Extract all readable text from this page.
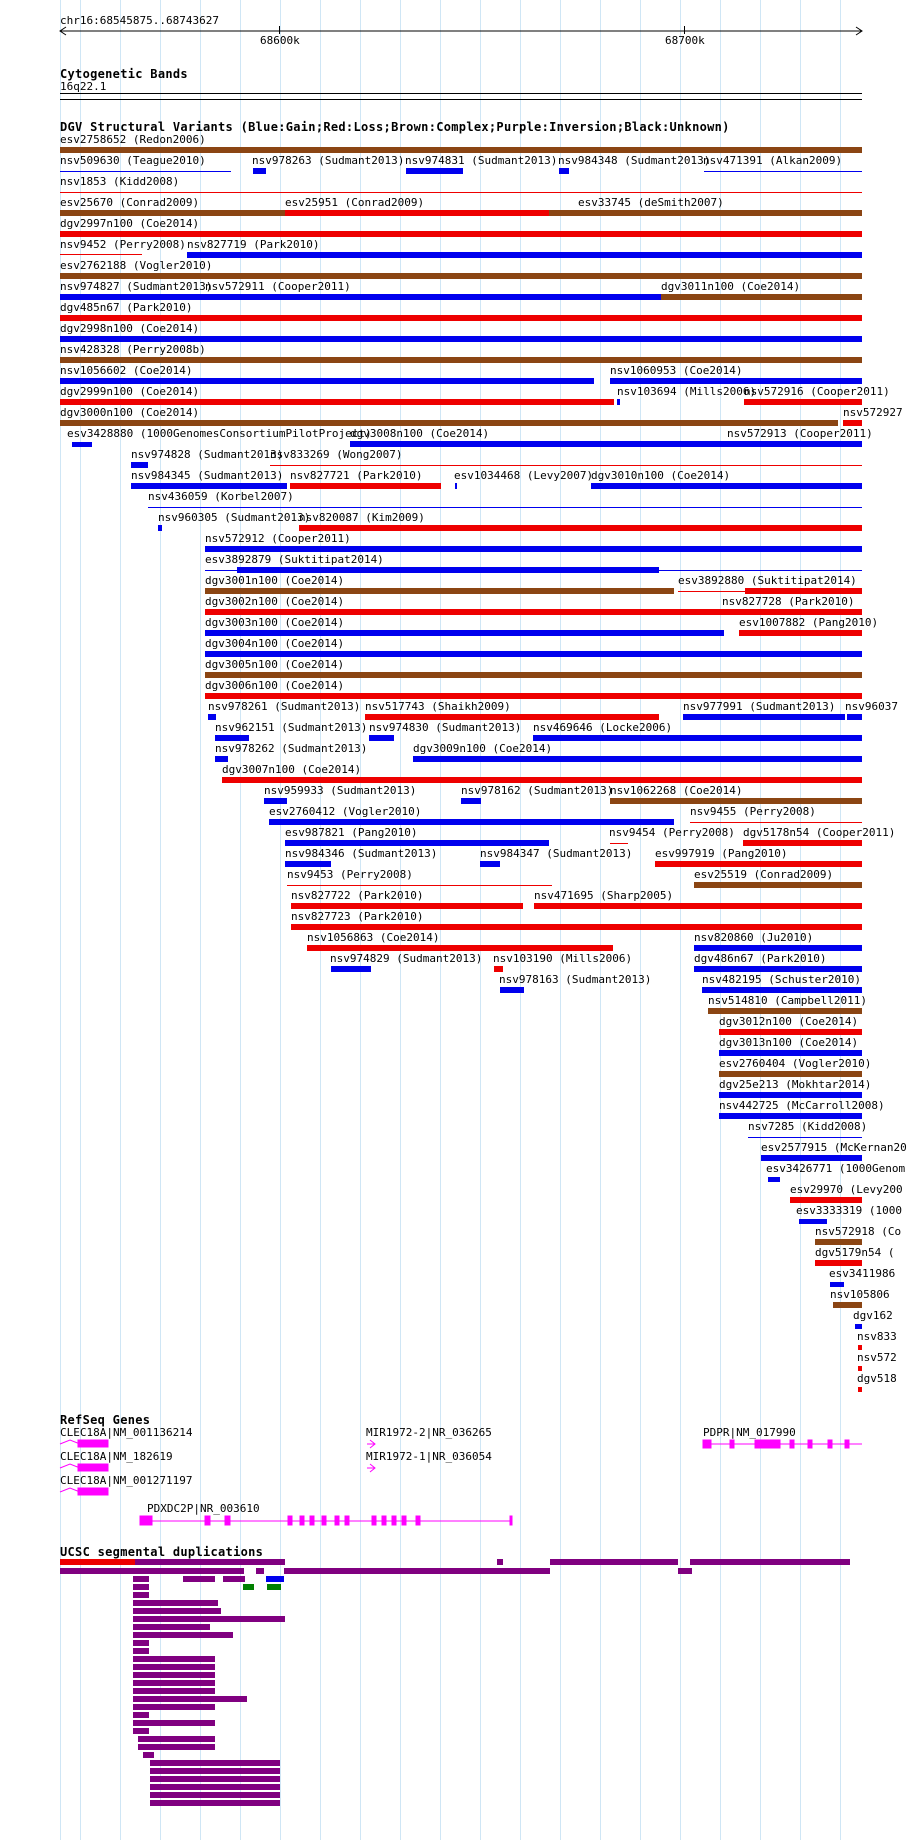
chr16:68545875..68743627
68600k	68700k
Cytogenetic Bands
16q22.1
DGV Structural Variants (Blue:Gain;Red:Loss;Brown:Complex;Purple:Inversion;Black:Unknown)
esv2758652 (Redon2006)
nsv509630 (Teague2010)	nsv978263 (Sudmant2013) nsv974831 (Sudmant2013) nsv984348 (Sudmant2013)
nsv471391 (Alkan2009)
nsv1853 (Kidd2008)
esv25670 (Conrad2009)	esv25951 (Conrad2009)	esv33745 (deSmith2007)
dgv2997n100 (Coe2014)
nsv9452 (Perry2008) nsv827719 (Park2010)
esv2762188 (Vogler2010)
nsv974827 (Sudmant2013)
nsv572911 (Cooper2011)	dgv3011n100 (Coe2014)
dgv485n67 (Park2010)
dgv2998n100 (Coe2014)
nsv428328 (Perry2008b)
nsv1056602 (Coe2014)	nsv1060953 (Coe2014)
dgv2999n100 (Coe2014)	nsv103694 (Mills2006)
nsv572916 (Cooper2011)
dgv3000n100 (Coe2014)	nsv572927
esv3428880 (1000GenomesConsortiumPilotProject)
dgv3008n100 (Coe2014)	nsv572913 (Cooper2011)
nsv974828 (Sudmant2013)
nsv833269 (Wong2007)
nsv984345 (Sudmant2013) nsv827721 (Park2010)	esv1034468 (Levy2007)
dgv3010n100 (Coe2014)
nsv436059 (Korbel2007)
nsv960305 (Sudmant2013)
nsv820087 (Kim2009)
nsv572912 (Cooper2011)
esv3892879 (Suktitipat2014)
dgv3001n100 (Coe2014)	esv3892880 (Suktitipat2014)
dgv3002n100 (Coe2014)	nsv827728 (Park2010)
dgv3003n100 (Coe2014)	esv1007882 (Pang2010)
dgv3004n100 (Coe2014)
dgv3005n100 (Coe2014)
dgv3006n100 (Coe2014)
nsv978261 (Sudmant2013) nsv517743 (Shaikh2009)	nsv977991 (Sudmant2013) nsv96037
nsv962151 (Sudmant2013) nsv974830 (Sudmant2013) nsv469646 (Locke2006)
nsv978262 (Sudmant2013)	dgv3009n100 (Coe2014)
dgv3007n100 (Coe2014)
nsv959933 (Sudmant2013)	nsv978162 (Sudmant2013)
nsv1062268 (Coe2014)
esv2760412 (Vogler2010)	nsv9455 (Perry2008)
esv987821 (Pang2010)	nsv9454 (Perry2008) dgv5178n54 (Cooper2011)
nsv984346 (Sudmant2013)	nsv984347 (Sudmant2013) esv997919 (Pang2010)
nsv9453 (Perry2008)	esv25519 (Conrad2009)
nsv827722 (Park2010)	nsv471695 (Sharp2005)
nsv827723 (Park2010)
nsv1056863 (Coe2014)	nsv820860 (Ju2010)
nsv974829 (Sudmant2013) nsv103190 (Mills2006)	dgv486n67 (Park2010)
nsv978163 (Sudmant2013)	nsv482195 (Schuster2010)
nsv514810 (Campbell2011)
dgv3012n100 (Coe2014)
dgv3013n100 (Coe2014)
esv2760404 (Vogler2010)
dgv25e213 (Mokhtar2014)
nsv442725 (McCarroll2008)
nsv7285 (Kidd2008)
esv2577915 (McKernan20
esv3426771 (1000Genom
esv29970 (Levy200
esv3333319 (1000
nsv572918 (Co
dgv5179n54 (
esv3411986
nsv105806
dgv162
nsv833
nsv572
dgv518
RefSeq Genes
CLEC18A|NM_001136214
CLEC18A|NM_182619
CLEC18A|NM_001271197
MIR1972-2|NR_036265
MIR1972-1|NR_036054
PDPR|NM_017990
PDXDC2P|NR_003610
UCSC segmental duplications
